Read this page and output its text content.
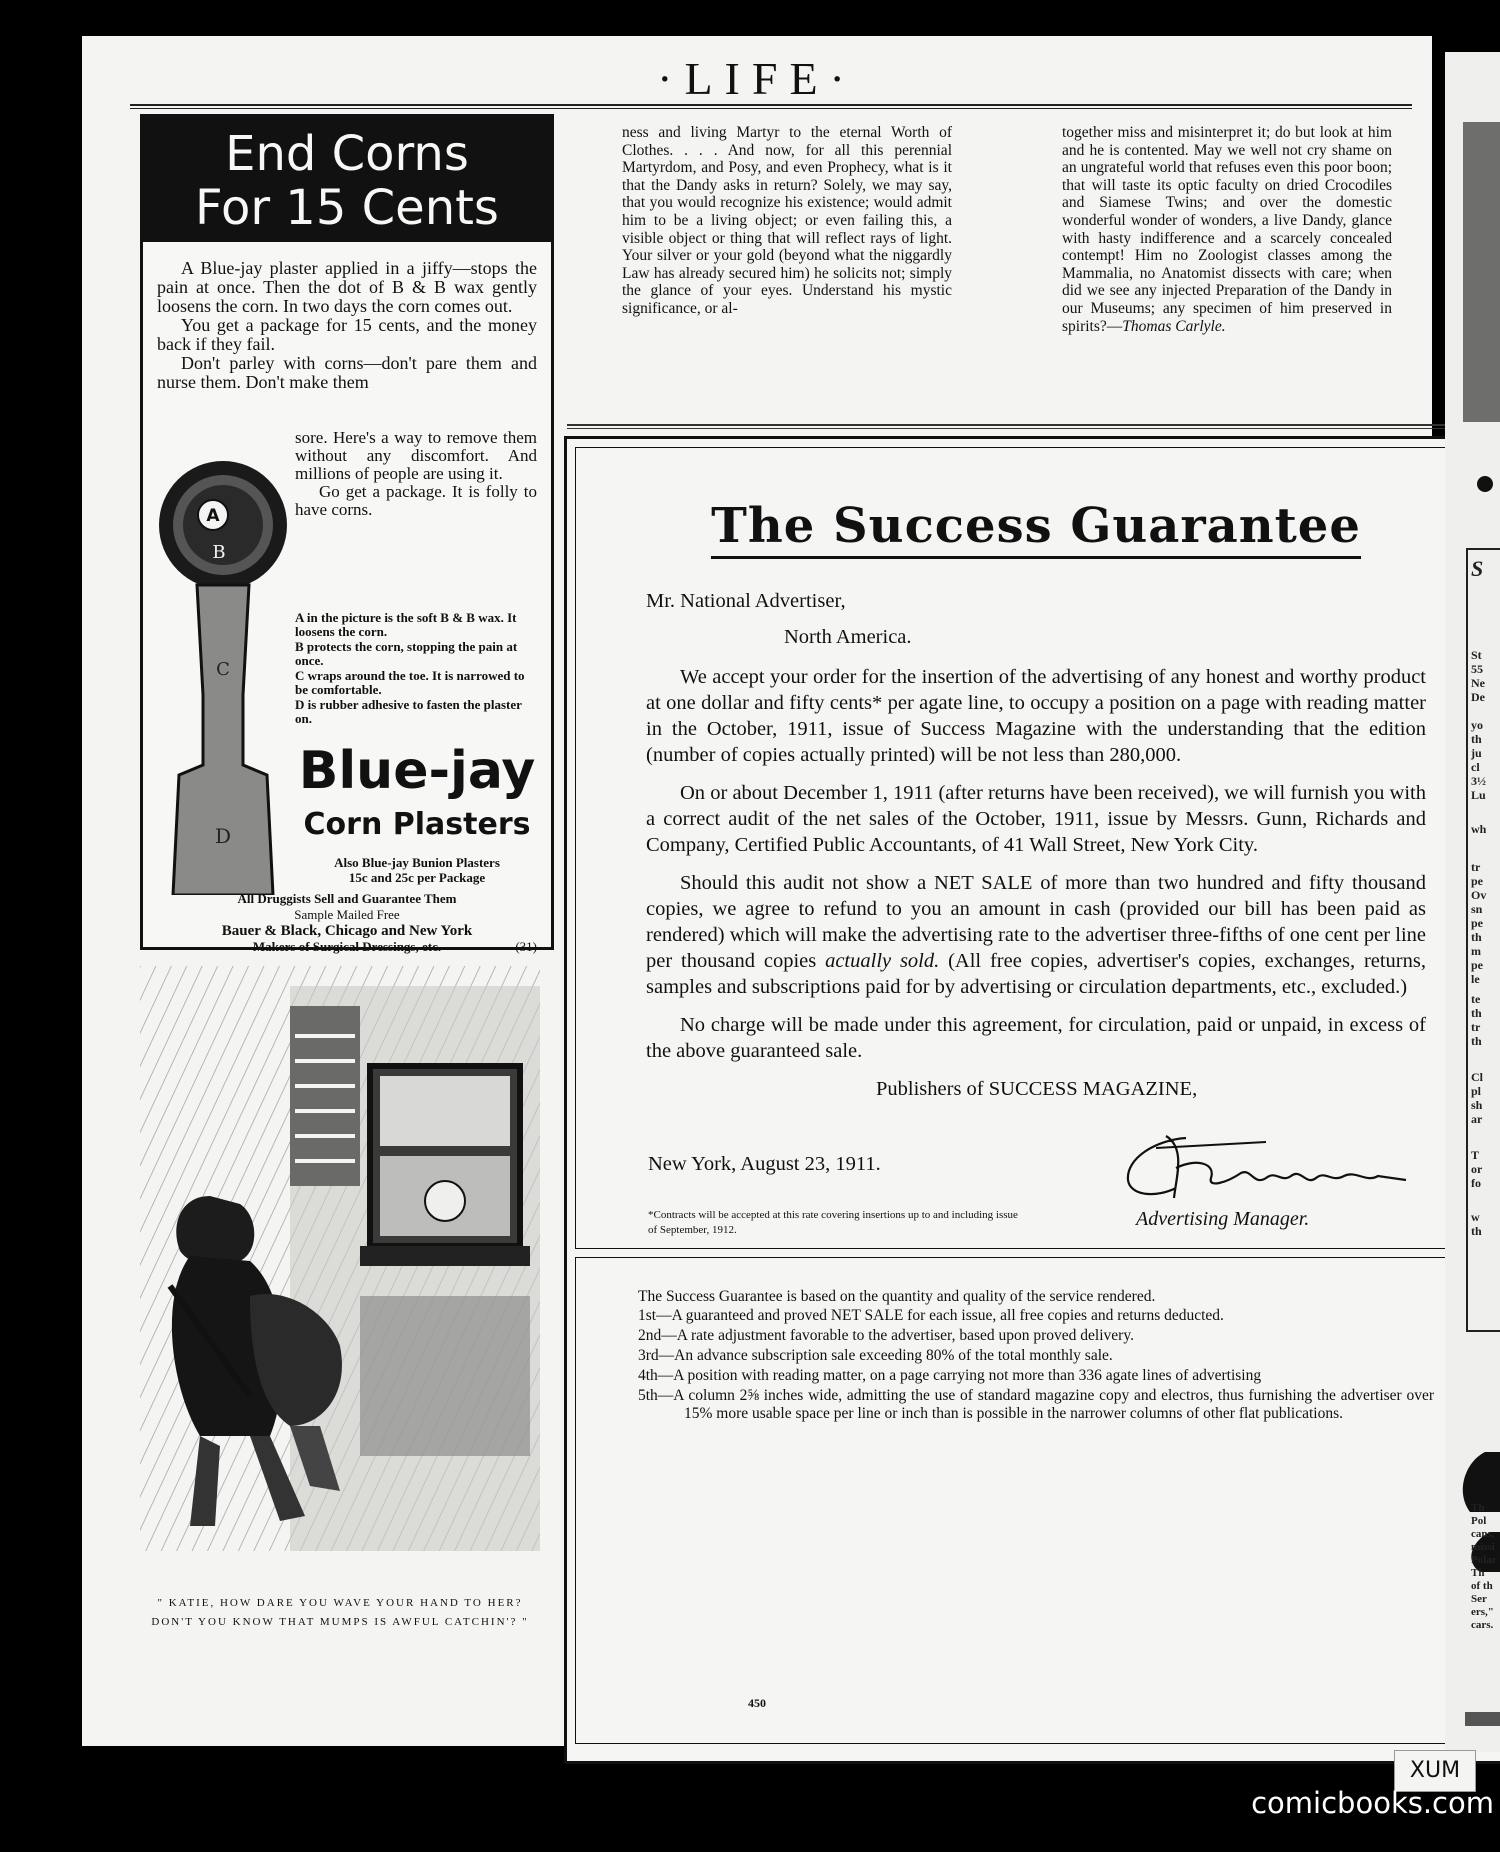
·LIFE·
End Corns
For 15 Cents

A Blue-jay plaster applied in a jiffy—stops the pain at once. Then the dot of B & B wax gently loosens the corn. In two days the corn comes out.

You get a package for 15 cents, and the money back if they fail.

Don't parley with corns—don't pare them and nurse them. Don't make them

sore. Here's a way to remove them without any discomfort. And millions of people are using it.

Go get a package. It is folly to have corns.

A in the picture is the soft B & B wax. It loosens the corn.
B protects the corn, stopping the pain at once.
C wraps around the toe. It is narrowed to be comfortable.
D is rubber adhesive to fasten the plaster on.
A
B
C
D
Blue-jay
Corn Plasters
Also Blue-jay Bunion Plasters
15c and 25c per Package
All Druggists Sell and Guarantee Them
Sample Mailed Free
Bauer & Black, Chicago and New York
Makers of Surgical Dressings, etc.	(31)
" KATIE, HOW DARE YOU WAVE YOUR HAND TO HER? DON'T YOU KNOW THAT MUMPS IS AWFUL CATCHIN'? "
ness and living Martyr to the eternal Worth of Clothes. . . . And now, for all this perennial Martyrdom, and Posy, and even Prophecy, what is it that the Dandy asks in return? Solely, we may say, that you would recognize his existence; would admit him to be a living object; or even failing this, a visible object or thing that will reflect rays of light. Your silver or your gold (beyond what the niggardly Law has already secured him) he solicits not; simply the glance of your eyes. Understand his mystic significance, or al-
together miss and misinterpret it; do but look at him and he is contented. May we well not cry shame on an ungrateful world that refuses even this poor boon; that will taste its optic faculty on dried Crocodiles and Siamese Twins; and over the domestic wonderful wonder of wonders, a live Dandy, glance with hasty indifference and a scarcely concealed contempt! Him no Zoologist classes among the Mammalia, no Anatomist dissects with care; when did we see any injected Preparation of the Dandy in our Museums; any specimen of him preserved in spirits?—Thomas Carlyle.
The Success Guarantee

Mr. National Advertiser,

North America.

We accept your order for the insertion of the advertising of any honest and worthy product at one dollar and fifty cents* per agate line, to occupy a position on a page with reading matter in the October, 1911, issue of Success Magazine with the understanding that the edition (number of copies actually printed) will be not less than 280,000.

On or about December 1, 1911 (after returns have been received), we will furnish you with a correct audit of the net sales of the October, 1911, issue by Messrs. Gunn, Richards and Company, Certified Public Accountants, of 41 Wall Street, New York City.

Should this audit not show a NET SALE of more than two hundred and fifty thousand copies, we agree to refund to you an amount in cash (provided our bill has been paid as rendered) which will make the advertising rate to the advertiser three-fifths of one cent per line per thousand copies actually sold. (All free copies, advertiser's copies, exchanges, returns, samples and subscriptions paid for by advertising or circulation departments, etc., excluded.)

No charge will be made under this agreement, for circulation, paid or unpaid, in excess of the above guaranteed sale.

Publishers of SUCCESS MAGAZINE,

New York, August 23, 1911.
*Contracts will be accepted at this rate covering insertions up to and including issue of September, 1912.	Advertising Manager.

The Success Guarantee is based on the quantity and quality of the service rendered.

1st—A guaranteed and proved NET SALE for each issue, all free copies and returns deducted.

2nd—A rate adjustment favorable to the advertiser, based upon proved delivery.

3rd—An advance subscription sale exceeding 80% of the total monthly sale.

4th—A position with reading matter, on a page carrying not more than 336 agate lines of advertising

5th—A column 2⅝ inches wide, admitting the use of standard magazine copy and electros, thus furnishing the advertiser over 15% more usable space per line or inch than is possible in the narrower columns of other flat publications.

450
S
St
55
Ne
De
yo
th
ju
cl
3½
Lu
wh
tr
pe
Ov
sn
pe
th
m
pe
le
te
th
tr
th
Cl
pl
sh
ar
T
or
fo
w
th
Th
Pol
cans,
missi
Polar
Th
of th
Ser
ers,"
cars.
XUM
comicbooks.com
